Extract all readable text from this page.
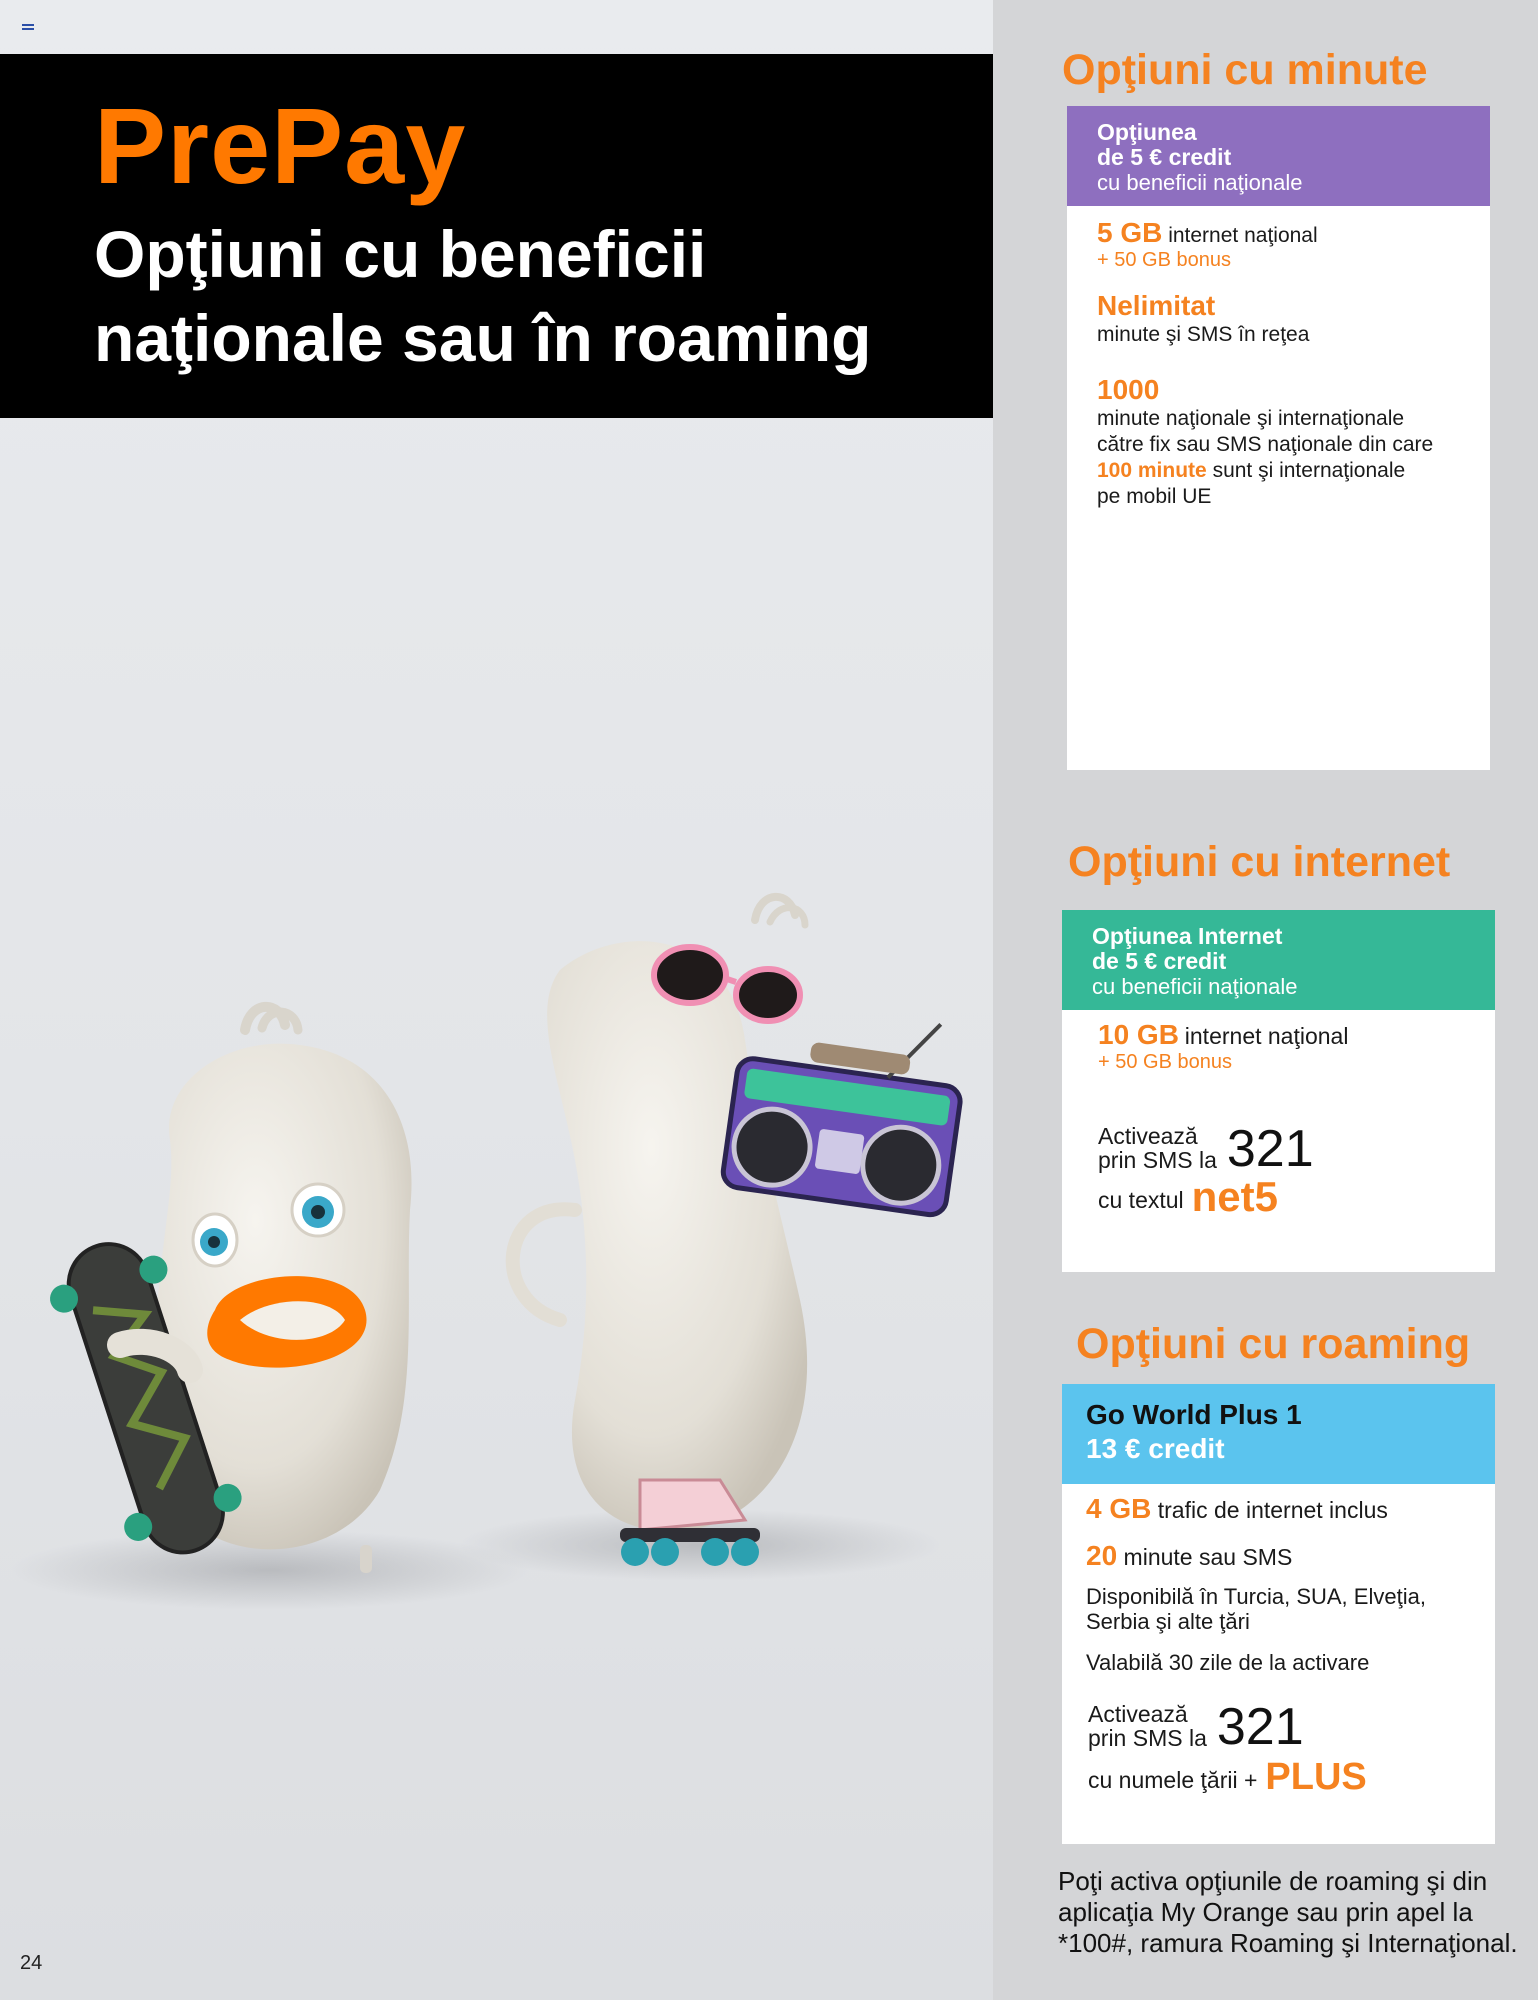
PrePay
Opţiuni cu beneficii
naţionale sau în roaming
24
Opţiuni cu minute
Opţiunea
de 5 € credit
cu beneficii naţionale
5 GB internet naţional
+ 50 GB bonus
Nelimitat
minute şi SMS în reţea
1000
minute naţionale şi internaţionale
către fix sau SMS naţionale din care
100 minute sunt şi internaţionale
pe mobil UE
Opţiuni cu internet
Opţiunea Internet
de 5 € credit
cu beneficii naţionale
10 GB internet naţional
+ 50 GB bonus
Activează
prin SMS la 321
cu textul net5
Opţiuni cu roaming
Go World Plus 1
13 € credit
4 GB trafic de internet inclus
20 minute sau SMS
Disponibilă în Turcia, SUA, Elveţia,
Serbia şi alte ţări
Valabilă 30 zile de la activare
Activează
prin SMS la 321
cu numele ţării + PLUS
Poţi activa opţiunile de roaming şi din
aplicaţia My Orange sau prin apel la
*100#, ramura Roaming şi Internaţional.
